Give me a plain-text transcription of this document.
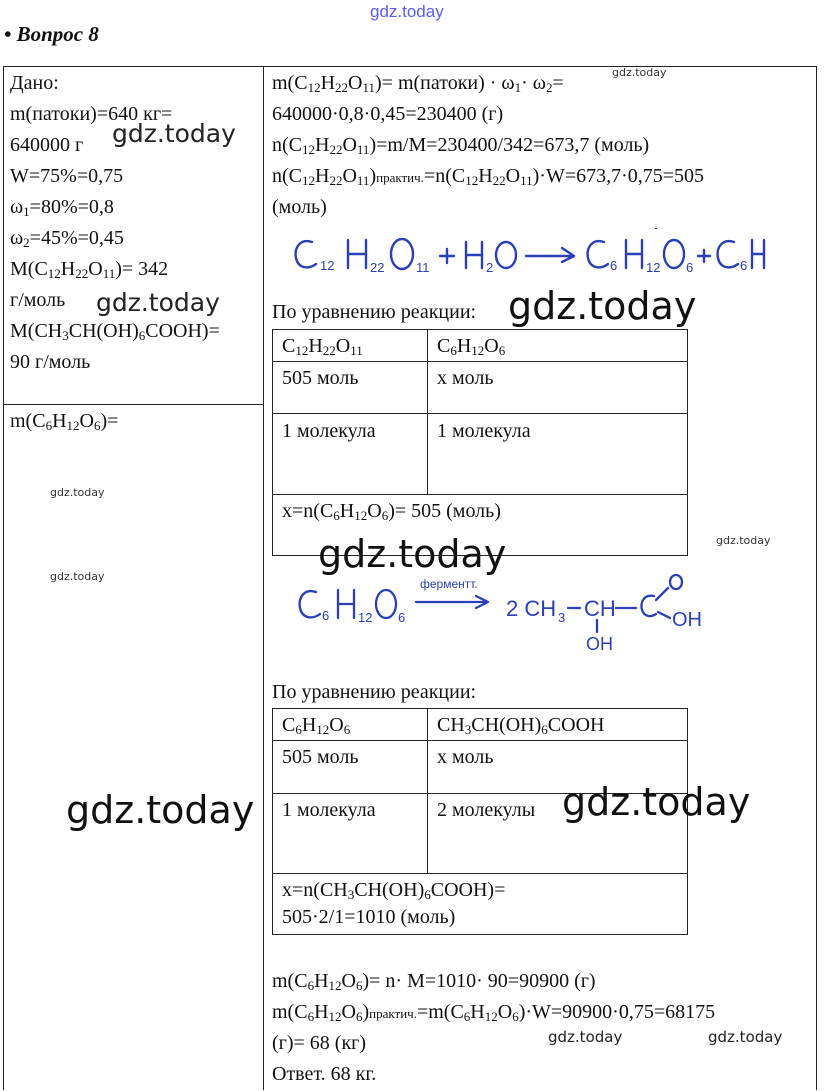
gdz.today
• Вопрос 8
Дано:
m(патоки)=640 кг=
640000 г
W=75%=0,75
$\omega_1=80\%=0,8$
$\omega_2=45\%=0,45$
$M(C_{12}H_{22}O_{11})= 342$
г/моль
$M(CH_3CH(OH)_6COOH)=$
90 г/моль
$m(C_6H_{12}O_6)=$
$m(C_{12}H_{22}O_{11})=$ m(патоки) · $\omega_1\cdot \omega_2=$
640000·0,8·0,45=230400 (г)
$n(C_{12}H_{22}O_{11})=m/M=230400/342=673,7$ (моль)
$n(C_{12}H_{22}O_{11})практич.=n(C_{12}H_{22}O_{11})\cdot W=673,7\cdot 0,75=505$
(моль)
12	22 11	2	6 12 6	6
По уравнению реакции:
$C_{12}H_{22}O_{11}$	$C_6H_{12}O_6$
505 моль	x моль
1 молекула	1 молекула
$x=n(C_6H_{12}O_6)= 505$ (моль)
6 12 6
ферментт.
2 CH 3 CH
OH
OH
По уравнению реакции:
$C_6H_{12}O_6$	$CH_3CH(OH)_6COOH$
505 моль	x моль
1 молекула	2 молекулы
$x=n(CH_3CH(OH)_6COOH)=$
505·2/1=1010 (моль)
$m(C_6H_{12}O_6)= n\cdot M=1010\cdot 90=90900$ (г)
$m(C_6H_{12}O_6)практич.=m(C_6H_{12}O_6)\cdot W=90900\cdot 0,75=68175$
(г)= 68 (кг)
Ответ. 68 кг.
gdz.today
gdz.today	gdz.today
gdz.today
gdz.today	gdz.today
gdz.today
gdz.today
gdz.today
gdz.today
gdz.today	gdz.today
